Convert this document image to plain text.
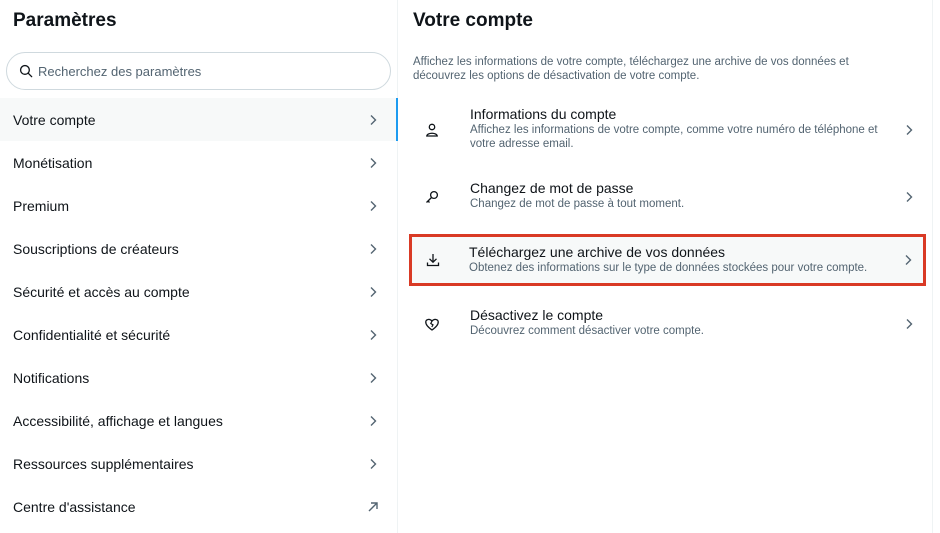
Paramètres
Recherchez des paramètres
Votre compte
Monétisation
Premium
Souscriptions de créateurs
Sécurité et accès au compte
Confidentialité et sécurité
Notifications
Accessibilité, affichage et langues
Ressources supplémentaires
Centre d'assistance
Votre compte
Affichez les informations de votre compte, téléchargez une archive de vos données et découvrez les options de désactivation de votre compte.
Informations du compte
Affichez les informations de votre compte, comme votre numéro de téléphone et votre adresse email.
Changez de mot de passe
Changez de mot de passe à tout moment.
Téléchargez une archive de vos données
Obtenez des informations sur le type de données stockées pour votre compte.
Désactivez le compte
Découvrez comment désactiver votre compte.
